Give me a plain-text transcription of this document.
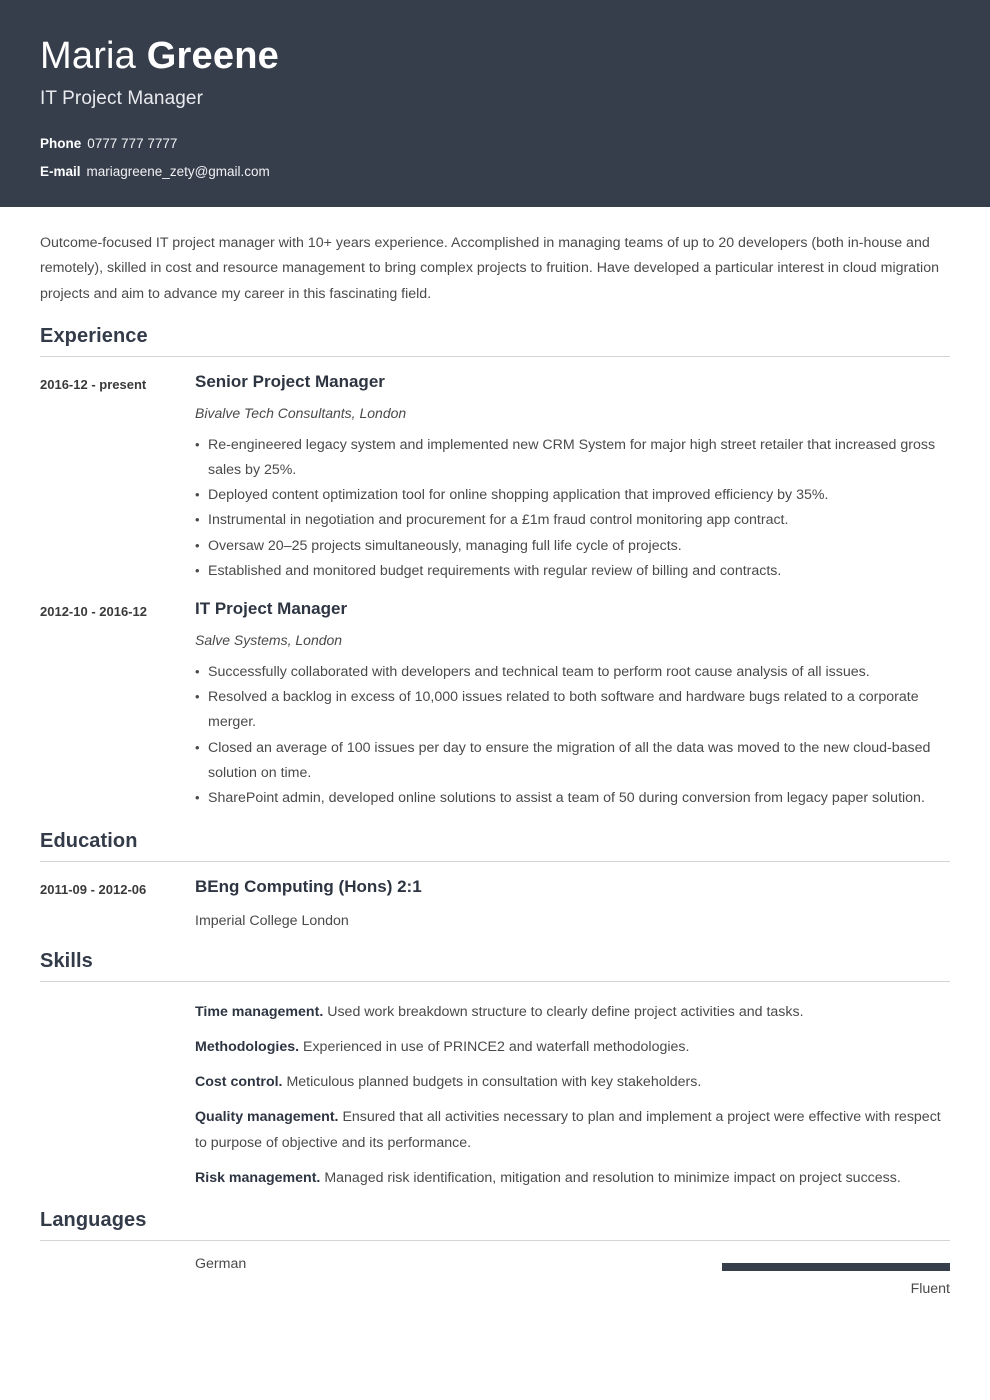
Maria Greene
IT Project Manager
Phone 0777 777 7777
E-mail mariagreene_zety@gmail.com
Outcome-focused IT project manager with 10+ years experience. Accomplished in managing teams of up to 20 developers (both in-house and remotely), skilled in cost and resource management to bring complex projects to fruition. Have developed a particular interest in cloud migration projects and aim to advance my career in this fascinating field.
Experience
2016-12 - present	Senior Project Manager
Bivalve Tech Consultants, London
• Re-engineered legacy system and implemented new CRM System for major high street retailer that increased gross sales by 25%.
• Deployed content optimization tool for online shopping application that improved efficiency by 35%.
• Instrumental in negotiation and procurement for a £1m fraud control monitoring app contract.
• Oversaw 20–25 projects simultaneously, managing full life cycle of projects.
• Established and monitored budget requirements with regular review of billing and contracts.
2012-10 - 2016-12	IT Project Manager
Salve Systems, London
• Successfully collaborated with developers and technical team to perform root cause analysis of all issues.
• Resolved a backlog in excess of 10,000 issues related to both software and hardware bugs related to a corporate merger.
• Closed an average of 100 issues per day to ensure the migration of all the data was moved to the new cloud-based solution on time.
• SharePoint admin, developed online solutions to assist a team of 50 during conversion from legacy paper solution.
Education
2011-09 - 2012-06	BEng Computing (Hons) 2:1
Imperial College London
Skills
Time management. Used work breakdown structure to clearly define project activities and tasks.
Methodologies. Experienced in use of PRINCE2 and waterfall methodologies.
Cost control. Meticulous planned budgets in consultation with key stakeholders.
Quality management. Ensured that all activities necessary to plan and implement a project were effective with respect to purpose of objective and its performance.
Risk management. Managed risk identification, mitigation and resolution to minimize impact on project success.
Languages
German
Fluent
